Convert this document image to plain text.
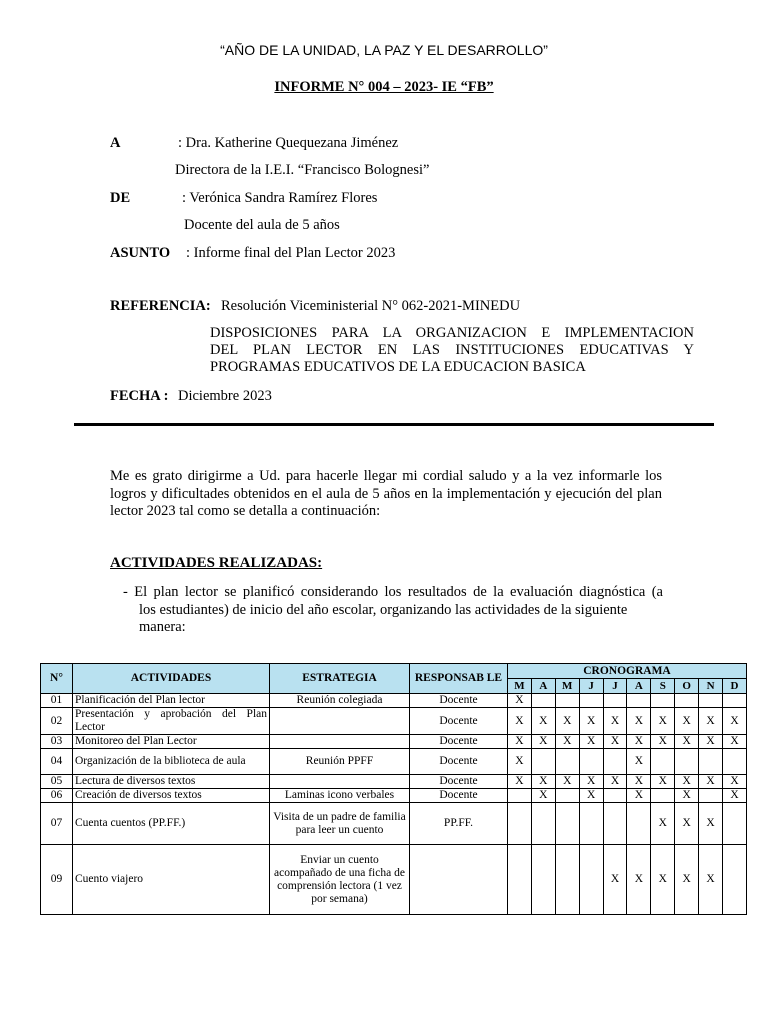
“AÑO DE LA UNIDAD, LA PAZ Y EL DESARROLLO”
INFORME N° 004 – 2023- IE “FB”
A	: Dra. Katherine Quequezana Jiménez
Directora de la I.E.I. “Francisco Bolognesi”
DE	: Verónica Sandra Ramírez Flores
Docente del aula de 5 años
ASUNTO : Informe final del Plan Lector 2023
REFERENCIA: Resolución Viceministerial N° 062-2021-MINEDU

DISPOSICIONES PARA LA ORGANIZACION E IMPLEMENTACION

DEL PLAN LECTOR EN LAS INSTITUCIONES EDUCATIVAS Y

PROGRAMAS EDUCATIVOS DE LA EDUCACION BASICA

FECHA : Diciembre 2023
Me es grato dirigirme a Ud. para hacerle llegar mi cordial saludo y a la vez informarle los logros y dificultades obtenidos en el aula de 5 años en la implementación y ejecución del plan lector 2023 tal como se detalla a continuación:
ACTIVIDADES REALIZADAS:
- El plan lector se planificó considerando los resultados de la evaluación diagnóstica (a
los estudiantes) de inicio del año escolar, organizando las actividades de la siguiente manera:
N°	ACTIVIDADES	ESTRATEGIA	RESPONSAB LE	CRONOGRAMA									
				M	A	M	J	J	A	S	O	N	D
01	Planificación del Plan lector	Reunión colegiada	Docente	X									
02	Presentación y aprobación del Plan Lector		Docente	X	X	X	X	X	X	X	X	X	X
03	Monitoreo del Plan Lector		Docente	X	X	X	X	X	X	X	X	X	X
04	Organización de la biblioteca de aula	Reunión PPFF	Docente	X					X				
05	Lectura de diversos textos		Docente	X	X	X	X	X	X	X	X	X	X
06	Creación de diversos textos	Laminas icono verbales	Docente		X		X		X		X		X
07	Cuenta cuentos (PP.FF.)	Visita de un padre de familia para leer un cuento	PP.FF.							X	X	X	
09	Cuento viajero	Enviar un cuento acompañado de una ficha de comprensión lectora (1 vez por semana)						X	X	X	X	X	
